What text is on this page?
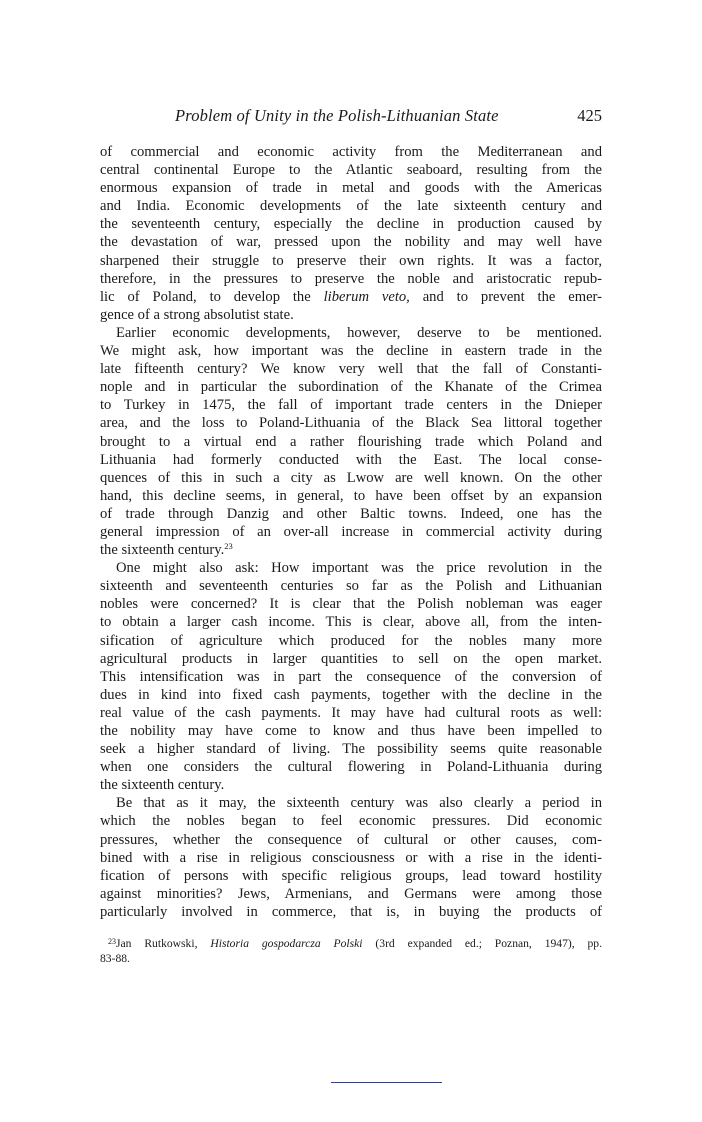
Problem of Unity in the Polish-Lithuanian State	425
of commercial and economic activity from the Mediterranean and
central continental Europe to the Atlantic seaboard, resulting from the
enormous expansion of trade in metal and goods with the Americas
and India. Economic developments of the late sixteenth century and
the seventeenth century, especially the decline in production caused by
the devastation of war, pressed upon the nobility and may well have
sharpened their struggle to preserve their own rights. It was a factor,
therefore, in the pressures to preserve the noble and aristocratic repub-
lic of Poland, to develop the liberum veto, and to prevent the emer-
gence of a strong absolutist state.
Earlier economic developments, however, deserve to be mentioned.
We might ask, how important was the decline in eastern trade in the
late fifteenth century? We know very well that the fall of Constanti-
nople and in particular the subordination of the Khanate of the Crimea
to Turkey in 1475, the fall of important trade centers in the Dnieper
area, and the loss to Poland-Lithuania of the Black Sea littoral together
brought to a virtual end a rather flourishing trade which Poland and
Lithuania had formerly conducted with the East. The local conse-
quences of this in such a city as Lwow are well known. On the other
hand, this decline seems, in general, to have been offset by an expansion
of trade through Danzig and other Baltic towns. Indeed, one has the
general impression of an over-all increase in commercial activity during
the sixteenth century.$^{23}$
One might also ask: How important was the price revolution in the
sixteenth and seventeenth centuries so far as the Polish and Lithuanian
nobles were concerned? It is clear that the Polish nobleman was eager
to obtain a larger cash income. This is clear, above all, from the inten-
sification of agriculture which produced for the nobles many more
agricultural products in larger quantities to sell on the open market.
This intensification was in part the consequence of the conversion of
dues in kind into fixed cash payments, together with the decline in the
real value of the cash payments. It may have had cultural roots as well:
the nobility may have come to know and thus have been impelled to
seek a higher standard of living. The possibility seems quite reasonable
when one considers the cultural flowering in Poland-Lithuania during
the sixteenth century.
Be that as it may, the sixteenth century was also clearly a period in
which the nobles began to feel economic pressures. Did economic
pressures, whether the consequence of cultural or other causes, com-
bined with a rise in religious consciousness or with a rise in the identi-
fication of persons with specific religious groups, lead toward hostility
against minorities? Jews, Armenians, and Germans were among those
particularly involved in commerce, that is, in buying the products of
$^{23}$Jan Rutkowski, Historia gospodarcza Polski (3rd expanded ed.; Poznan, 1947), pp.
83-88.
